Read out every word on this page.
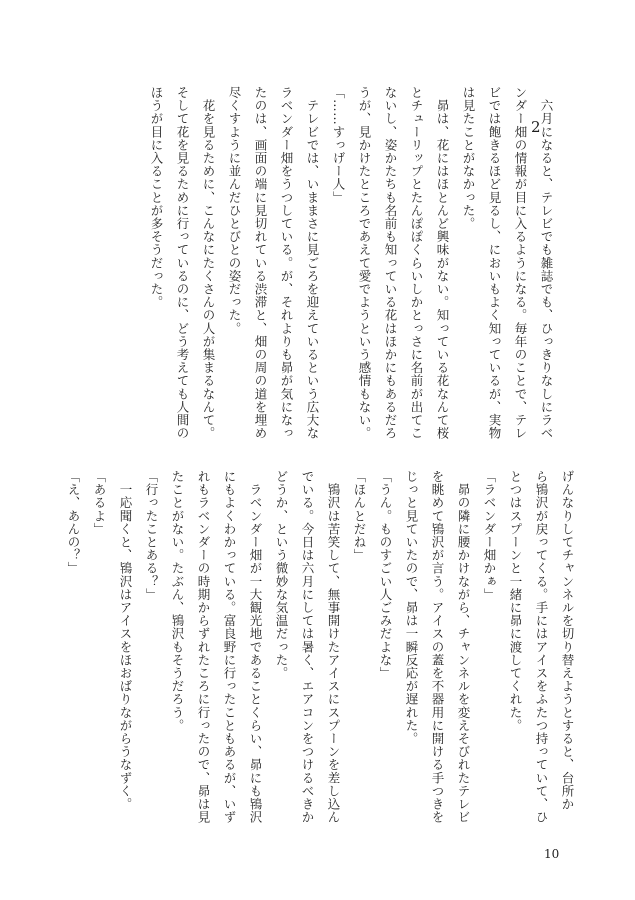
2
　六月になると、テレビでも雑誌でも、ひっきりなしにラベ
ンダー畑の情報が目に入るようになる。毎年のことで、テレ
ビでは飽きるほど見るし、においもよく知っているが、実物
は見たことがなかった。
　昴は、花にはほとんど興味がない。知っている花なんて桜
とチューリップとたんぽぽくらいしかとっさに名前が出てこ
ないし、姿かたちも名前も知っている花はほかにもあるだろ
うが、見かけたところであえて愛でようという感情もない。
「……すっげー人」
　テレビでは、いままさに見ごろを迎えているという広大な
ラベンダー畑をうつしている。が、それよりも昴が気になっ
たのは、画面の端に見切れている渋滞と、畑の周の道を埋め
尽くすように並んだひとびとの姿だった。
　花を見るために、こんなにたくさんの人が集まるなんて。
そして花を見るために行っているのに、どう考えても人間の
ほうが目に入ることが多そうだった。
げんなりしてチャンネルを切り替えようとすると、台所か
ら鴇沢が戻ってくる。手にはアイスをふたつ持っていて、ひ
とつはスプーンと一緒に昴に渡してくれた。
「ラベンダー畑かぁ」
　昴の隣に腰かけながら、チャンネルを変えそびれたテレビ
を眺めて鴇沢が言う。アイスの蓋を不器用に開ける手つきを
じっと見ていたので、昴は一瞬反応が遅れた。
「うん。ものすごい人ごみだよな」
「ほんとだね」
　鴇沢は苦笑して、無事開けたアイスにスプーンを差し込ん
でいる。今日は六月にしては暑く、エアコンをつけるべきか
どうか、という微妙な気温だった。
　ラベンダー畑が一大観光地であることくらい、昴にも鴇沢
にもよくわかっている。富良野に行ったこともあるが、いず
れもラベンダーの時期からずれたころに行ったので、昴は見
たことがない。たぶん、鴇沢もそうだろう。
「行ったことある？」
　一応聞くと、鴇沢はアイスをほおばりながらうなずく。
「あるよ」
「え、あんの？」
10
